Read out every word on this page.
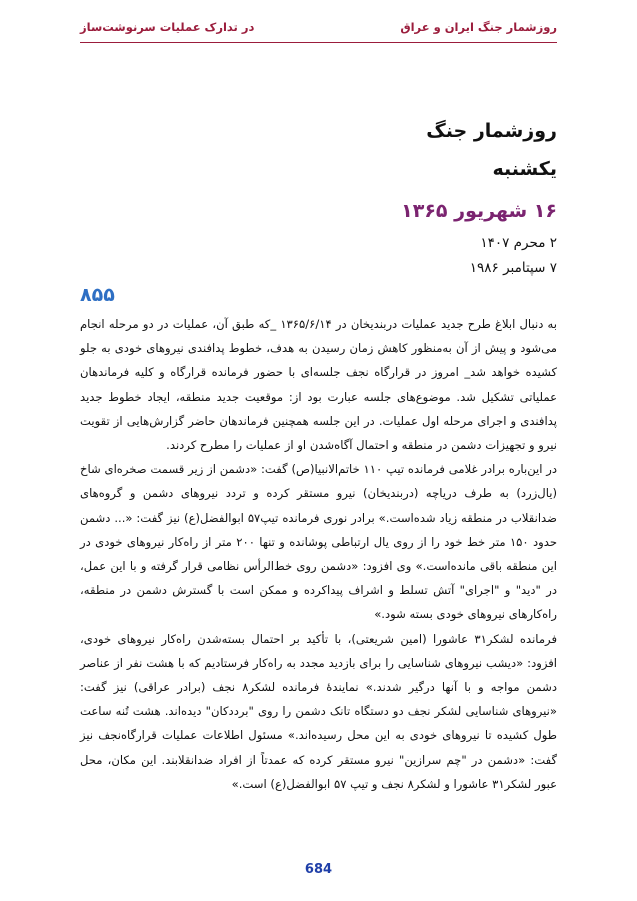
روزشمار جنگ ایران و عراق
در تدارک عملیات سرنوشت‌ساز
روزشمار جنگ
یکشنبه
۱۶ شهریور ۱۳۶۵
۲ محرم ۱۴۰۷
۷ سپتامبر ۱۹۸۶
۸۵۵

به دنبال ابلاغ طرح جدید عملیات دربندیخان در ۱۳۶۵/۶/۱۴ _که طبق آن، عملیات در دو مرحله انجام می‌شود و پیش از آن به‌منظور کاهش زمان رسیدن به هدف، خطوط پدافندی نیروهای خودی به جلو کشیده خواهد شد_ امروز در قرارگاه نجف جلسه‌ای با حضور فرمانده قرارگاه و کلیه فرماندهان عملیاتی تشکیل شد. موضوع‌های جلسه عبارت بود از: موقعیت جدید منطقه، ایجاد خطوط جدید پدافندی و اجرای مرحله اول عملیات. در این جلسه همچنین فرماندهان حاضر گزارش‌هایی از تقویت نیرو و تجهیزات دشمن در منطقه و احتمال آگاه‌شدن او از عملیات را مطرح کردند.

در این‌باره برادر غلامی فرمانده تیپ ۱۱۰ خاتم‌الانبیا(ص) گفت: «دشمن از زیر قسمت صخره‌ای شاخ (یال‌زرد) به طرف دریاچه (دربندیخان) نیرو مستقر کرده و تردد نیروهای دشمن و گروه‌های ضدانقلاب در منطقه زیاد شده‌است.» برادر نوری فرمانده تیپ۵۷ ابوالفضل(ع) نیز گفت: «... دشمن حدود ۱۵۰ متر خط خود را از روی یال ارتباطی پوشانده و تنها ۲۰۰ متر از راه‌کار نیروهای خودی در این منطقه باقی مانده‌است.» وی افزود: «دشمن روی خط‌الرأس نظامی قرار گرفته و با این عمل، در "دید" و "اجرای" آتش تسلط و اشراف پیداکرده و ممکن است با گسترش دشمن در منطقه، راه‌کارهای نیروهای خودی بسته شود.»

فرمانده لشکر۳۱ عاشورا (امین شریعتی)، با تأکید بر احتمال بسته‌شدن راه‌کار نیروهای خودی، افزود: «دیشب نیروهای شناسایی را برای بازدید مجدد به راه‌کار فرستادیم که با هشت نفر از عناصر دشمن مواجه و با آنها درگیر شدند.» نمایندهٔ فرمانده لشکر۸ نجف (برادر عراقی) نیز گفت: «نیروهای شناسایی لشکر نجف دو دستگاه تانک دشمن را روی "برددکان" دیده‌اند. هشت تُنه ساعت طول کشیده تا نیروهای خودی به این محل رسیده‌اند.» مسئول اطلاعات عملیات قرارگاه‌نجف نیز گفت: «دشمن در "چم سرازین" نیرو مستقر کرده که عمدتاً از افراد ضدانقلابند. این مکان، محل عبور لشکر۳۱ عاشورا و لشکر۸ نجف و تیپ ۵۷ ابوالفضل(ع) است.»

684
